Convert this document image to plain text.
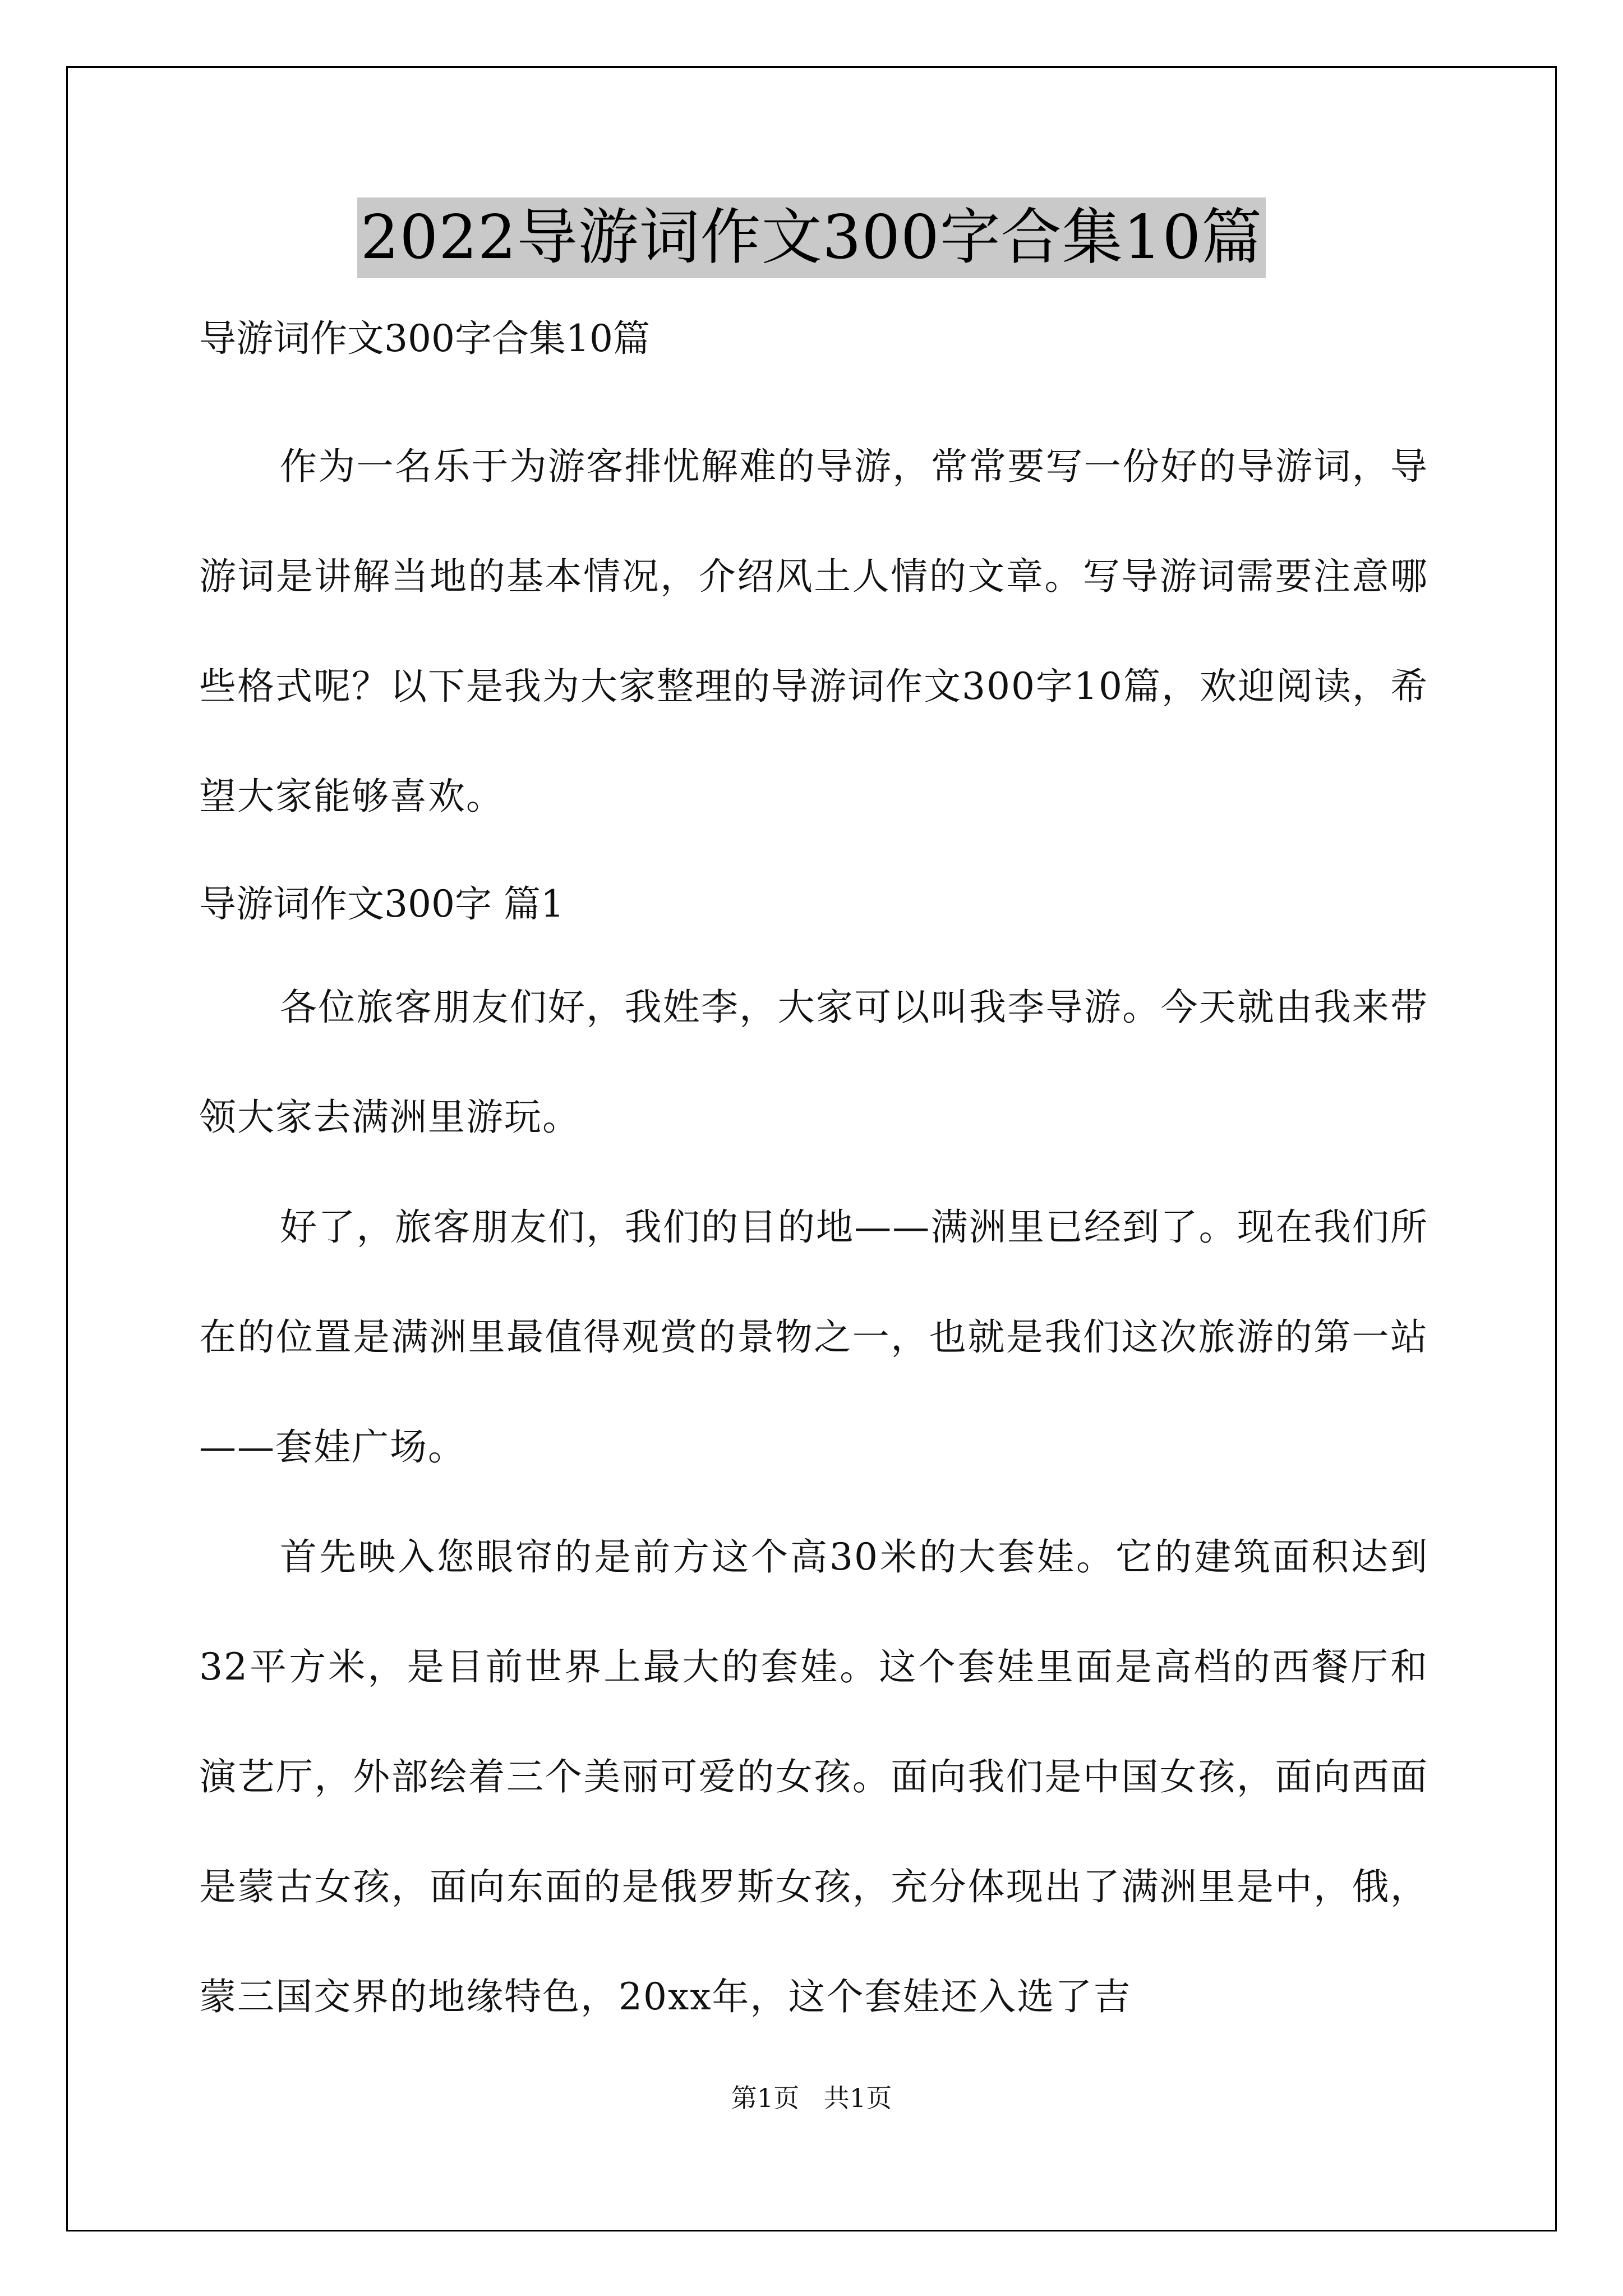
2022导游词作文300字合集10篇
导游词作文300字合集10篇

作为一名乐于为游客排忧解难的导游，常常要写一份好的导游词，导游词是讲解当地的基本情况，介绍风土人情的文章。写导游词需要注意哪些格式呢？以下是我为大家整理的导游词作文300字10篇，欢迎阅读，希望大家能够喜欢。

导游词作文300字 篇1

各位旅客朋友们好，我姓李，大家可以叫我李导游。今天就由我来带领大家去满洲里游玩。

好了，旅客朋友们，我们的目的地——满洲里已经到了。现在我们所在的位置是满洲里最值得观赏的景物之一，也就是我们这次旅游的第一站——套娃广场。

首先映入您眼帘的是前方这个高30米的大套娃。它的建筑面积达到32平方米，是目前世界上最大的套娃。这个套娃里面是高档的西餐厅和演艺厅，外部绘着三个美丽可爱的女孩。面向我们是中国女孩，面向西面是蒙古女孩，面向东面的是俄罗斯女孩，充分体现出了满洲里是中，俄，蒙三国交界的地缘特色，20xx年，这个套娃还入选了吉

第1页   共1页
